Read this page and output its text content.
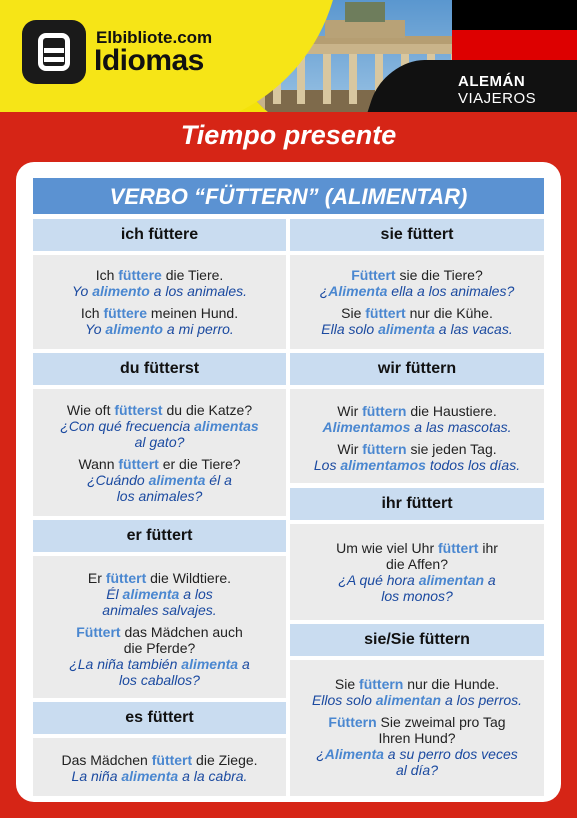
ALEMÁN
VIAJEROS
Elbibliote.com
Idiomas
Tiempo presente
VERBO “FÜTTERN” (ALIMENTAR)
ich füttere

Ich füttere die Tiere.

Yo alimento a los animales.

Ich füttere meinen Hund.

Yo alimento a mi perro.

du fütterst

Wie oft fütterst du die Katze?

¿Con qué frecuencia alimentas

al gato?

Wann füttert er die Tiere?

¿Cuándo alimenta él a

los animales?

er füttert

Er füttert die Wildtiere.

Él alimenta a los

animales salvajes.

Füttert das Mädchen auch

die Pferde?

¿La niña también alimenta a

los caballos?

es füttert

Das Mädchen füttert die Ziege.

La niña alimenta a la cabra.

sie füttert

Füttert sie die Tiere?

¿Alimenta ella a los animales?

Sie füttert nur die Kühe.

Ella solo alimenta a las vacas.

wir füttern

Wir füttern die Haustiere.

Alimentamos a las mascotas.

Wir füttern sie jeden Tag.

Los alimentamos todos los días.

ihr füttert

Um wie viel Uhr füttert ihr

die Affen?

¿A qué hora alimentan a

los monos?

sie/Sie füttern

Sie füttern nur die Hunde.

Ellos solo alimentan a los perros.

Füttern Sie zweimal pro Tag

Ihren Hund?

¿Alimenta a su perro dos veces

al día?
